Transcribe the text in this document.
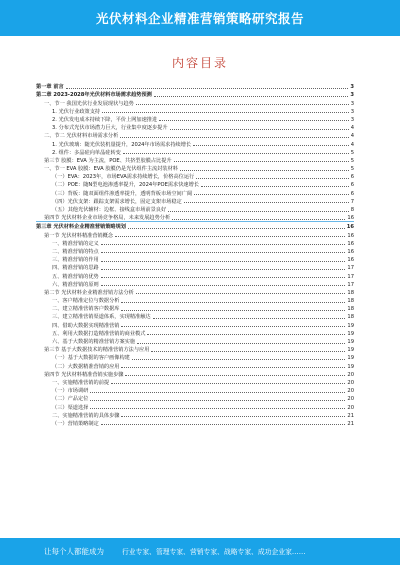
光伏材料企业精准营销策略研究报告
内容目录
第一章 前言	3
第二章 2023-2028年光伏材料市场需求趋势预测	3
一、节一 我国光伏行业发展现状与趋势	3
1. 光伏行业政策支持	3
2. 光伏发电成本持续下降，平价上网加速推进	3
3. 分布式光伏市场潜力巨大，行业集中度逐步提升	4
二、节二 光伏材料市场需求分析	4
1. 光伏玻璃：随光伏装机量提升，2024年市场需求持续增长	4
2. 组件：多晶硅向单晶硅转变	5
第三节 胶膜：EVA 为主流，POE、共挤型胶膜占比提升	5
一、节一 EVA 胶膜：EVA 胶膜仍是光伏组件主流封装材料	5
（一）EVA：2023年，市场EVA需求持续增长，价格高位运行	6
（二）POE：随N型电池渗透率提升，2024年POE需求快速增长	6
（三）背板：随双面组件渗透率提升，透明背板市场空间广阔	6
（四）光伏支架：跟踪支架需求增长，固定支架市场稳定	7
（五）其他光伏辅材：边框、接线盒市场前景良好	8
第四节 光伏材料企业市场竞争格局，未来发展趋势分析	16
第三章 光伏材料企业精准营销策略规划	16
第一节 光伏材料精准营销概念	16
一、精准营销的定义	16
二、精准营销的特点	16
三、精准营销的作用	16
四、精准营销的思路	17
五、精准营销的优势	17
六、精准营销的原则	17
第二节 光伏材料企业精准营销方法分析	18
一、客户精准定位与数据分析	18
二、建立精准营销客户数据库	18
三、建立精准营销渠道体系，实现精准触达	18
四、借助大数据实现精准营销	19
五、利用大数据打造精准营销的商业模式	19
六、基于大数据的精准营销方案实施	19
第三节 基于大数据技术的精准营销方法与应用	19
（一）基于大数据的客户画像构建	19
（二）大数据精准营销的应用	19
第四节 光伏材料精准营销实施步骤	20
一、实施精准营销的前提	20
（一）市场调研	20
（二）产品定位	20
（三）渠道选择	20
二、实施精准营销的具体步骤	21
（一）营销策略制定	21
让每个人都能成为	行业专家、管理专家、营销专家、战略专家、成功企业家……
